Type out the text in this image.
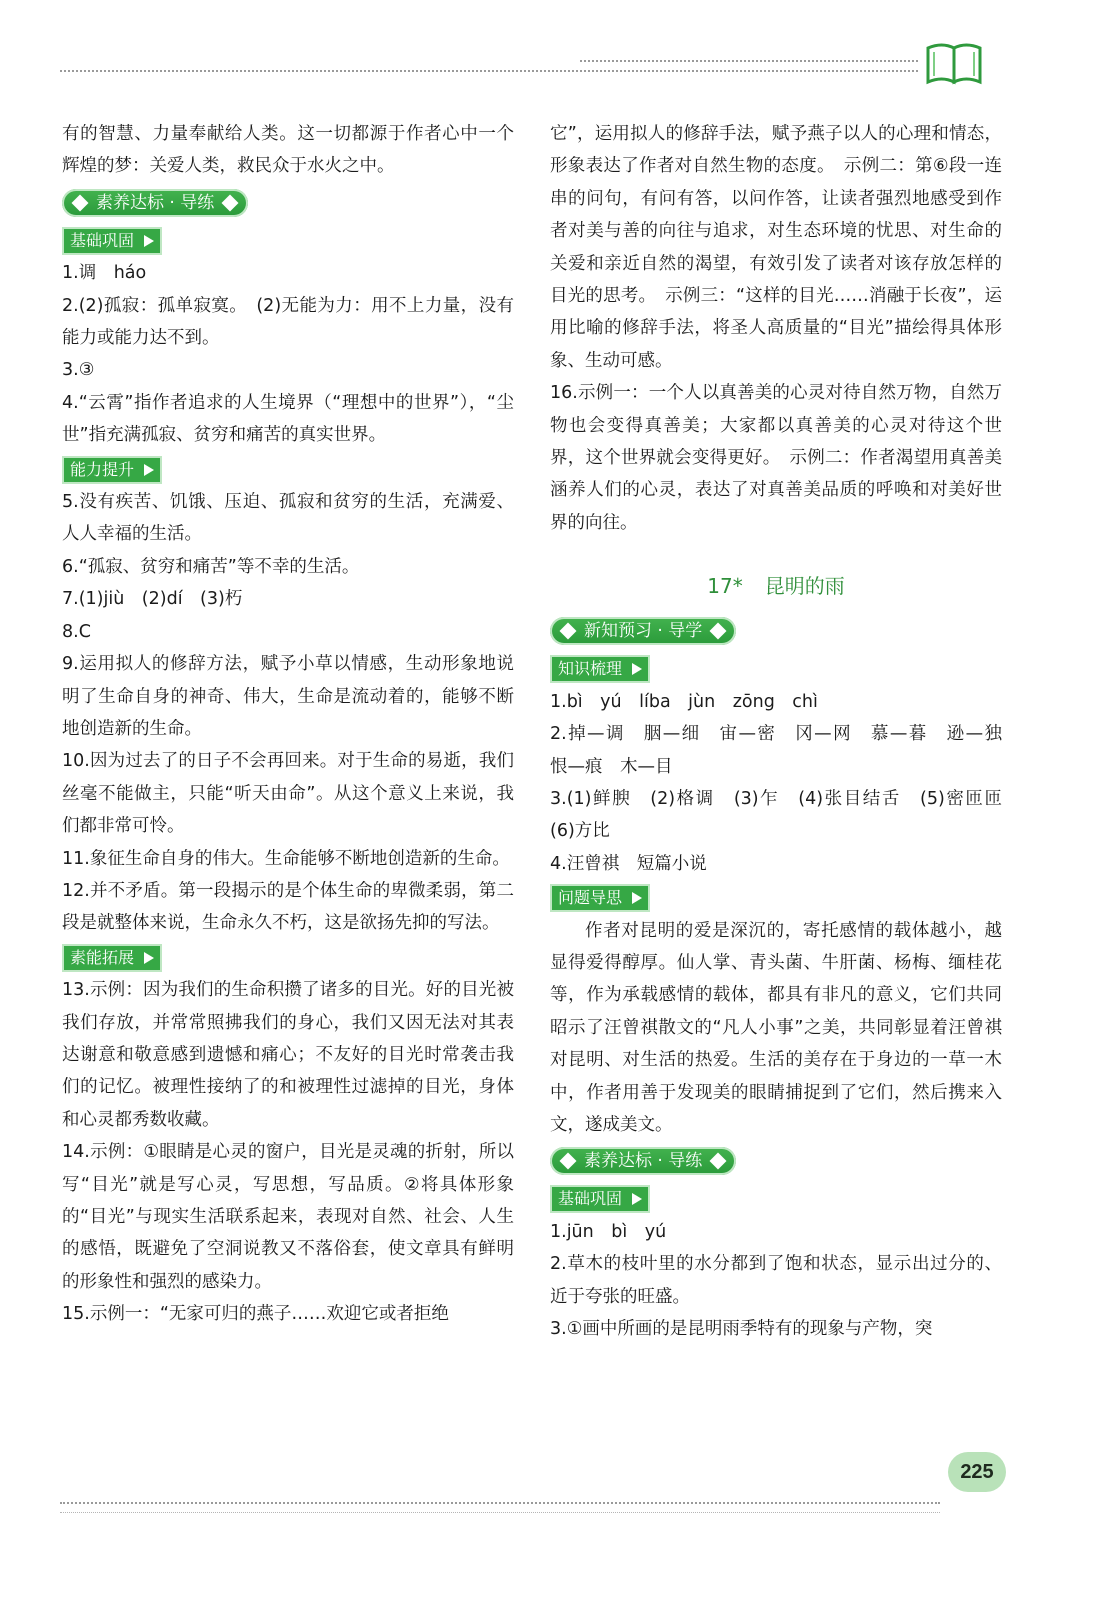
有的智慧、力量奉献给人类。这一切都源于作者心中一个辉煌的梦：关爱人类，救民众于水火之中。

素养达标 · 导练
基础巩固

1.调　háo

2.(2)孤寂：孤单寂寞。　(2)无能为力：用不上力量，没有能力或能力达不到。

3.③

4.“云霄”指作者追求的人生境界（“理想中的世界”），“尘世”指充满孤寂、贫穷和痛苦的真实世界。

能力提升

5.没有疾苦、饥饿、压迫、孤寂和贫穷的生活，充满爱、人人幸福的生活。

6.“孤寂、贫穷和痛苦”等不幸的生活。

7.(1)jiù　(2)dí　(3)朽

8.C

9.运用拟人的修辞方法，赋予小草以情感，生动形象地说明了生命自身的神奇、伟大，生命是流动着的，能够不断地创造新的生命。

10.因为过去了的日子不会再回来。对于生命的易逝，我们丝毫不能做主，只能“听天由命”。从这个意义上来说，我们都非常可怜。

11.象征生命自身的伟大。生命能够不断地创造新的生命。

12.并不矛盾。第一段揭示的是个体生命的卑微柔弱，第二段是就整体来说，生命永久不朽，这是欲扬先抑的写法。

素能拓展

13.示例：因为我们的生命积攒了诸多的目光。好的目光被我们存放，并常常照拂我们的身心，我们又因无法对其表达谢意和敬意感到遗憾和痛心；不友好的目光时常袭击我们的记忆。被理性接纳了的和被理性过滤掉的目光，身体和心灵都秀数收藏。

14.示例：①眼睛是心灵的窗户，目光是灵魂的折射，所以写“目光”就是写心灵，写思想，写品质。②将具体形象的“目光”与现实生活联系起来，表现对自然、社会、人生的感悟，既避免了空洞说教又不落俗套，使文章具有鲜明的形象性和强烈的感染力。

15.示例一：“无家可归的燕子……欢迎它或者拒绝

它”，运用拟人的修辞手法，赋予燕子以人的心理和情态，形象表达了作者对自然生物的态度。　示例二：第⑥段一连串的问句，有问有答，以问作答，让读者强烈地感受到作者对美与善的向往与追求，对生态环境的忧思、对生命的关爱和亲近自然的渴望，有效引发了读者对该存放怎样的目光的思考。　示例三：“这样的目光……消融于长夜”，运用比喻的修辞手法，将圣人高质量的“目光”描绘得具体形象、生动可感。

16.示例一：一个人以真善美的心灵对待自然万物，自然万物也会变得真善美；大家都以真善美的心灵对待这个世界，这个世界就会变得更好。　示例二：作者渴望用真善美涵养人们的心灵，表达了对真善美品质的呼唤和对美好世界的向往。

17* 昆明的雨
新知预习 · 导学
知识梳理

1.bì　yú　líba　jùn　zōng　chì

2.掉—调　胭—细　宙—密　冈—网　慕—暮　逊—独　恨—痕　木—目

3.(1)鲜腴　(2)格调　(3)乍　(4)张目结舌　(5)密匝匝　(6)方比

4.汪曾祺　短篇小说

问题导思

作者对昆明的爱是深沉的，寄托感情的载体越小，越显得爱得醇厚。仙人掌、青头菌、牛肝菌、杨梅、缅桂花等，作为承载感情的载体，都具有非凡的意义，它们共同昭示了汪曾祺散文的“凡人小事”之美，共同彰显着汪曾祺对昆明、对生活的热爱。生活的美存在于身边的一草一木中，作者用善于发现美的眼睛捕捉到了它们，然后携来入文，遂成美文。

素养达标 · 导练
基础巩固

1.jūn　bì　yú

2.草木的枝叶里的水分都到了饱和状态，显示出过分的、近于夸张的旺盛。

3.①画中所画的是昆明雨季特有的现象与产物，突

225
